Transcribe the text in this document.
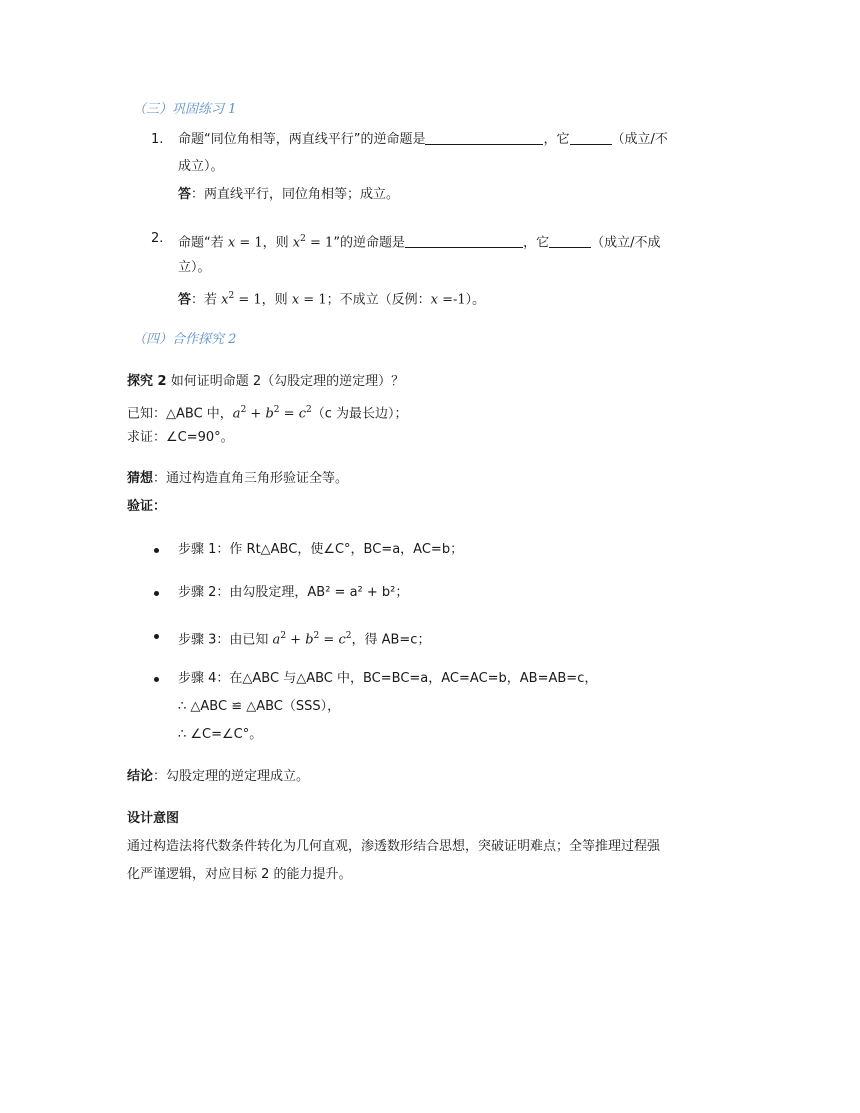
（三）巩固练习 1
1. 命题“同位角相等，两直线平行”的逆命题是	，它	（成立/不
成立）。
答：两直线平行，同位角相等；成立。
2. 命题“若 x = 1，则 $x^2 = 1$”的逆命题是	，它	（成立/不成
立）。
答：若 $x^2 = 1$，则 x = 1；不成立（反例：x =-1）。
（四）合作探究 2
探究 2 如何证明命题 2（勾股定理的逆定理）？
已知：△ABC 中，$a^2 + b^2 = c^2(c$ 为最长边）；
求证：∠C=90°。
猜想：通过构造直角三角形验证全等。
验证：
步骤 1：作 Rt△ABC，使∠C°，BC=a，AC=b；
步骤 2：由勾股定理，AB² = a² + b²；
步骤 3：由已知 $a^2 + b^2 = c^2$，得 AB=c；
步骤 4：在△ABC 与△ABC 中，BC=BC=a，AC=AC=b，AB=AB=c，
∴ △ABC ≌ △ABC（SSS），
∴ ∠C=∠C°。
结论：勾股定理的逆定理成立。
设计意图
通过构造法将代数条件转化为几何直观，渗透数形结合思想，突破证明难点；全等推理过程强
化严谨逻辑，对应目标 2 的能力提升。
